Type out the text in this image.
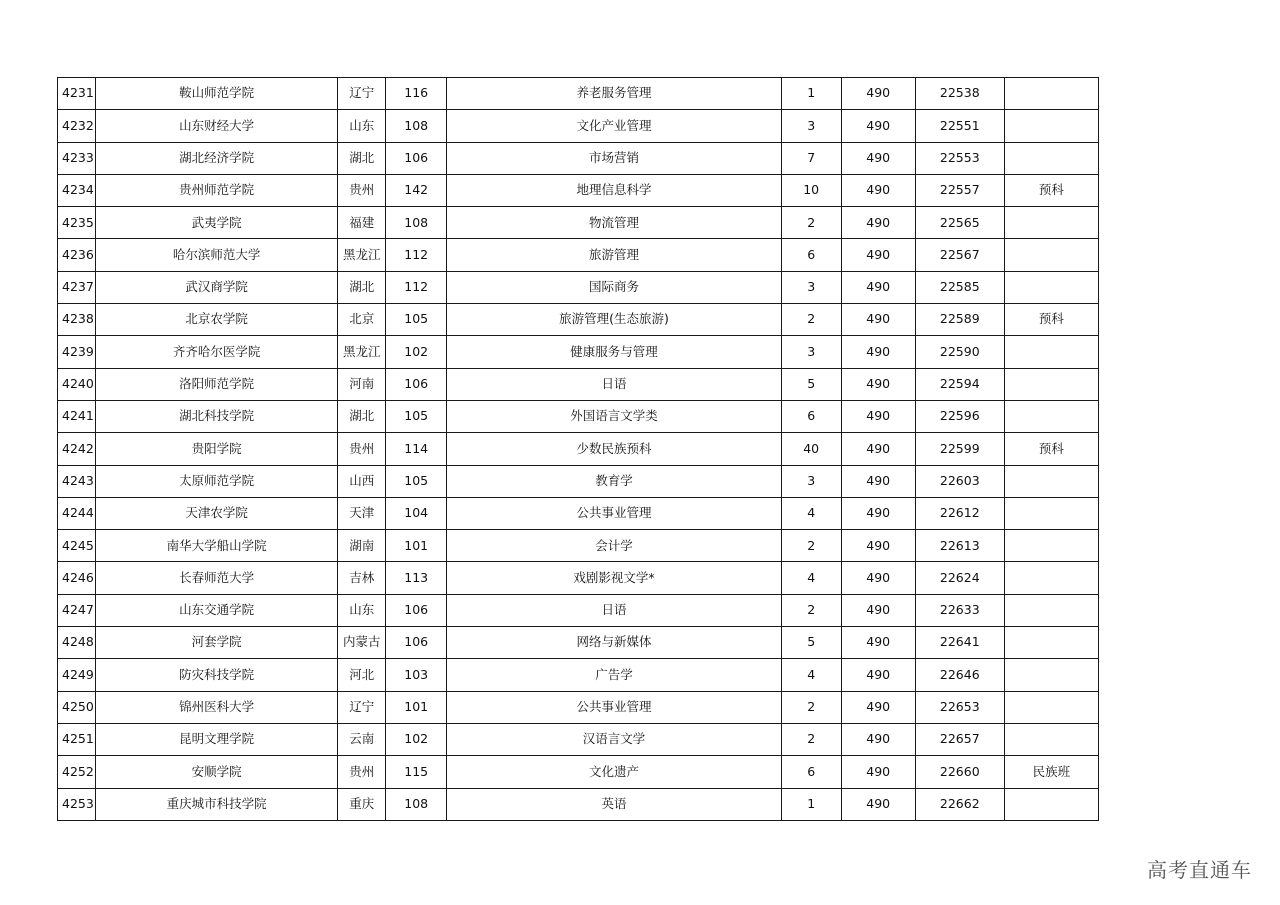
4231	鞍山师范学院	辽宁	116	养老服务管理	1	490	22538	
4232	山东财经大学	山东	108	文化产业管理	3	490	22551	
4233	湖北经济学院	湖北	106	市场营销	7	490	22553	
4234	贵州师范学院	贵州	142	地理信息科学	10	490	22557	预科
4235	武夷学院	福建	108	物流管理	2	490	22565	
4236	哈尔滨师范大学	黑龙江	112	旅游管理	6	490	22567	
4237	武汉商学院	湖北	112	国际商务	3	490	22585	
4238	北京农学院	北京	105	旅游管理(生态旅游)	2	490	22589	预科
4239	齐齐哈尔医学院	黑龙江	102	健康服务与管理	3	490	22590	
4240	洛阳师范学院	河南	106	日语	5	490	22594	
4241	湖北科技学院	湖北	105	外国语言文学类	6	490	22596	
4242	贵阳学院	贵州	114	少数民族预科	40	490	22599	预科
4243	太原师范学院	山西	105	教育学	3	490	22603	
4244	天津农学院	天津	104	公共事业管理	4	490	22612	
4245	南华大学船山学院	湖南	101	会计学	2	490	22613	
4246	长春师范大学	吉林	113	戏剧影视文学*	4	490	22624	
4247	山东交通学院	山东	106	日语	2	490	22633	
4248	河套学院	内蒙古	106	网络与新媒体	5	490	22641	
4249	防灾科技学院	河北	103	广告学	4	490	22646	
4250	锦州医科大学	辽宁	101	公共事业管理	2	490	22653	
4251	昆明文理学院	云南	102	汉语言文学	2	490	22657	
4252	安顺学院	贵州	115	文化遗产	6	490	22660	民族班
4253	重庆城市科技学院	重庆	108	英语	1	490	22662	
高考直通车
